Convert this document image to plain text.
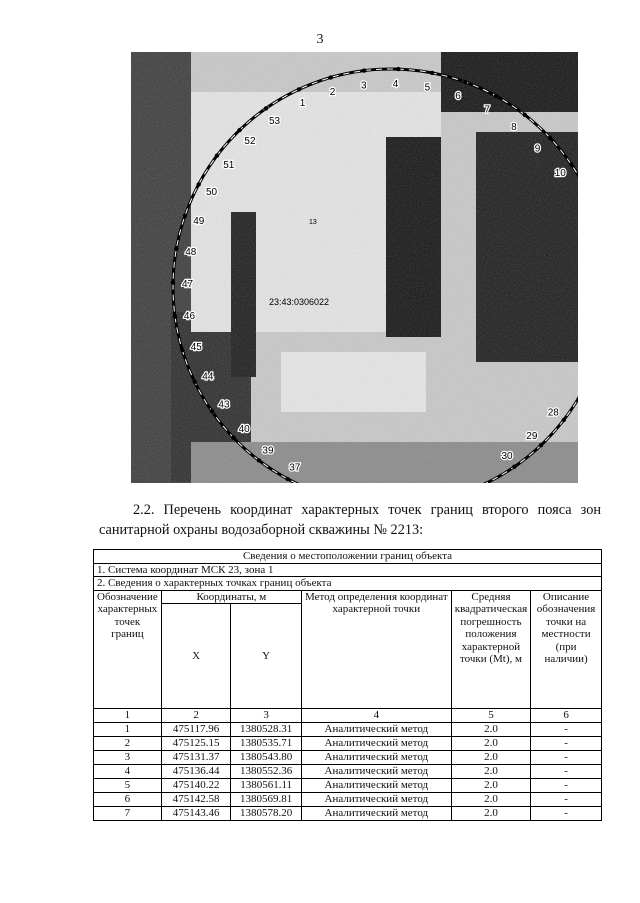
3
23:43:0306022
13
1
2
3	4	5
6
7
8
9
10
28
29
30
37
39
40
43
44
45
46
47
48
49
50
51
52
53
2.2. Перечень координат характерных точек границ второго пояса зон санитарной охраны водозаборной скважины № 2213:
Сведения о местоположении границ объекта					
1. Система координат МСК 23, зона 1					
2. Сведения о характерных точках границ объекта					
Обозначение характерных точек границ	Координаты, м		Метод определения координат характерной точки	Средняя квадратическая погрешность положения характерной точки (Mt), м	Описание обозначения точки на местности (при наличии)
	X	Y			
1	2	3	4	5	6
1	475117.96	1380528.31	Аналитический метод	2.0	-
2	475125.15	1380535.71	Аналитический метод	2.0	-
3	475131.37	1380543.80	Аналитический метод	2.0	-
4	475136.44	1380552.36	Аналитический метод	2.0	-
5	475140.22	1380561.11	Аналитический метод	2.0	-
6	475142.58	1380569.81	Аналитический метод	2.0	-
7	475143.46	1380578.20	Аналитический метод	2.0	-
